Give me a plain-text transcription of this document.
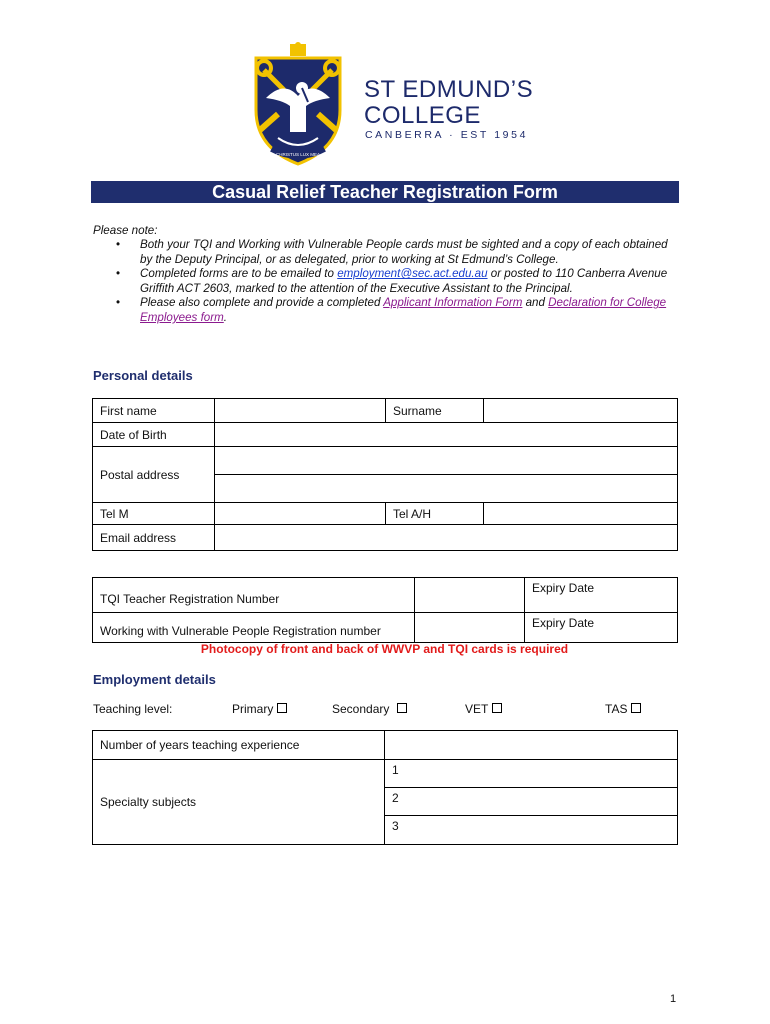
CHRISTUS LUX MEA
ST EDMUND’S
COLLEGE
CANBERRA · EST 1954
Casual Relief Teacher Registration Form
Please note:
• Both your TQI and Working with Vulnerable People cards must be sighted and a copy of each obtained by the Deputy Principal, or as delegated, prior to working at St Edmund’s College.
• Completed forms are to be emailed to employment@sec.act.edu.au or posted to 110 Canberra Avenue Griffith ACT 2603, marked to the attention of the Executive Assistant to the Principal.
• Please also complete and provide a completed Applicant Information Form and Declaration for College Employees form.
Personal details
First name		Surname	
Date of Birth			
Postal address			

Tel M		Tel A/H	
Email address			
TQI Teacher Registration Number		Expiry Date
Working with Vulnerable People Registration number		Expiry Date
Photocopy of front and back of WWVP and TQI cards is required
Employment details
Teaching level:	Primary	Secondary	VET	TAS
Number of years teaching experience	
Specialty subjects	1
	2
	3
1
